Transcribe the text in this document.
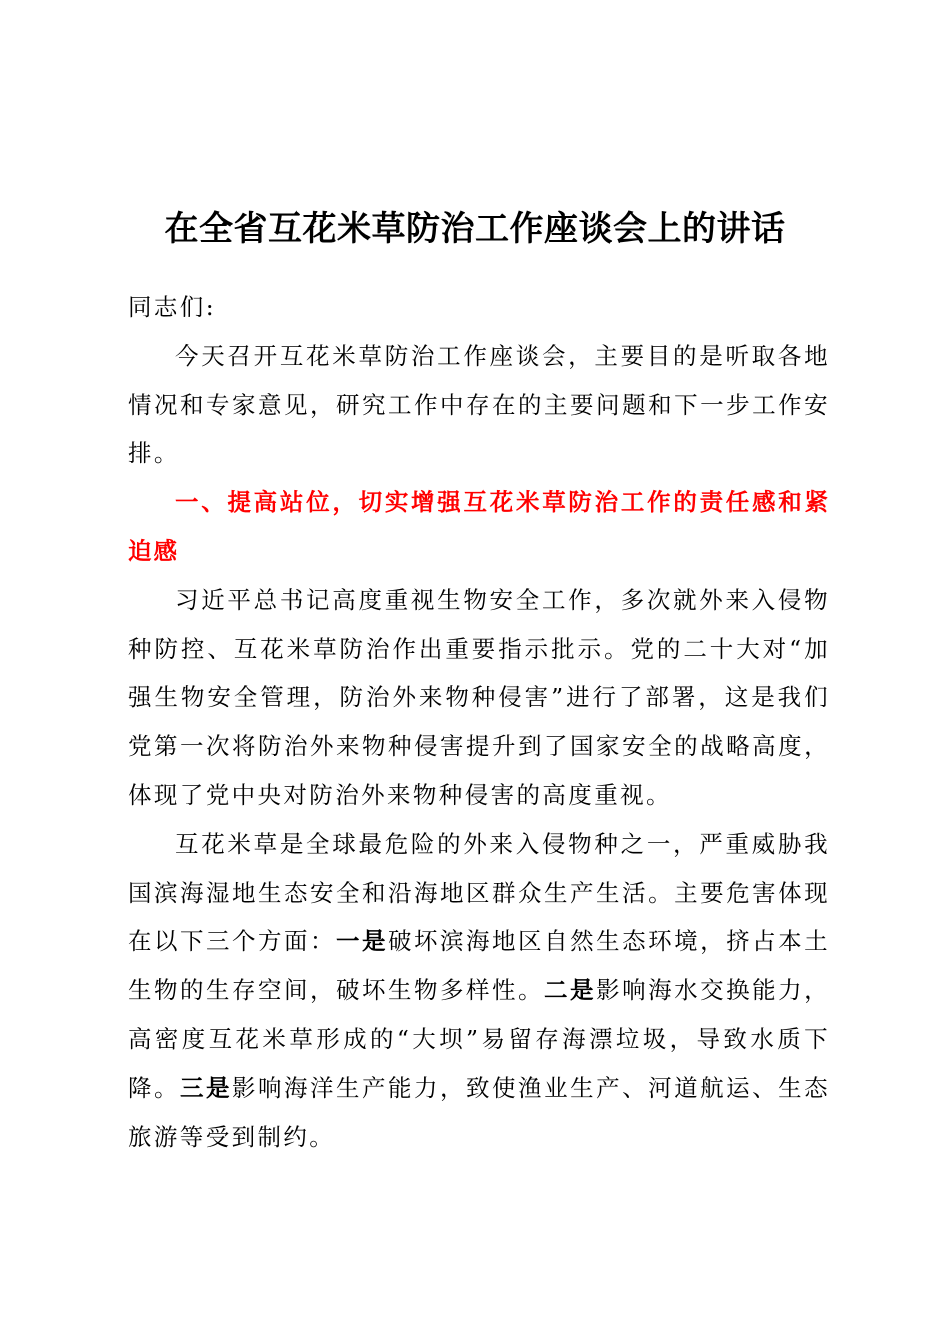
在全省互花米草防治工作座谈会上的讲话

同志们:

今天召开互花米草防治工作座谈会，主要目的是听取各地情况和专家意见，研究工作中存在的主要问题和下一步工作安排。

一、提高站位，切实增强互花米草防治工作的责任感和紧迫感

习近平总书记高度重视生物安全工作，多次就外来入侵物种防控、互花米草防治作出重要指示批示。党的二十大对“加强生物安全管理，防治外来物种侵害”进行了部署，这是我们党第一次将防治外来物种侵害提升到了国家安全的战略高度，体现了党中央对防治外来物种侵害的高度重视。

互花米草是全球最危险的外来入侵物种之一，严重威胁我国滨海湿地生态安全和沿海地区群众生产生活。主要危害体现在以下三个方面：一是破坏滨海地区自然生态环境，挤占本土生物的生存空间，破坏生物多样性。二是影响海水交换能力，高密度互花米草形成的“大坝”易留存海漂垃圾，导致水质下降。三是影响海洋生产能力，致使渔业生产、河道航运、生态旅游等受到制约。
